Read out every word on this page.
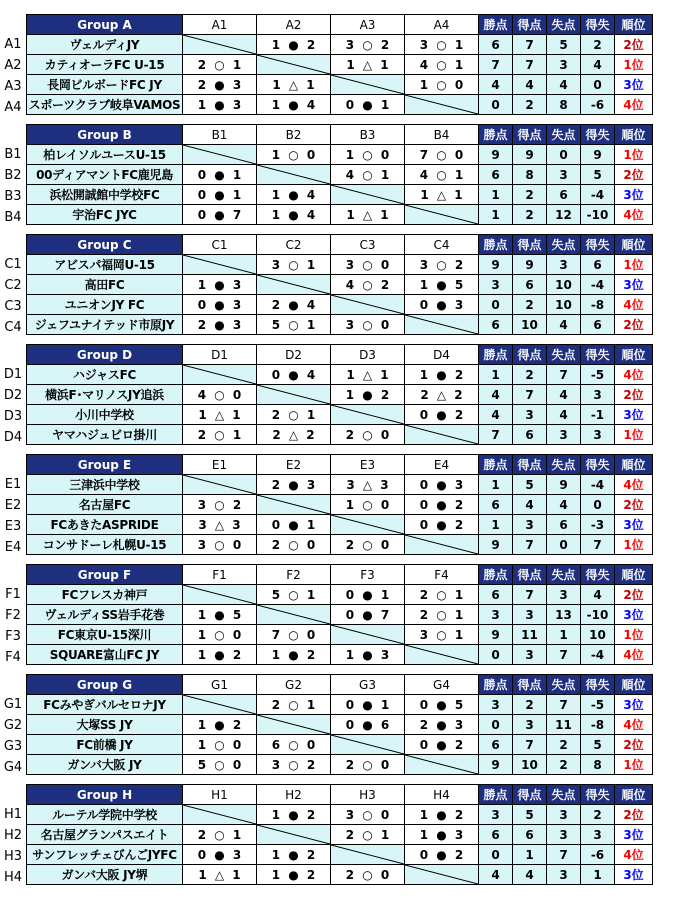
A1
A2
A3
A4
Group A	A1	A2	A3	A4	勝点	得点	失点	得失	順位
ヴェルディJY		1 ● 2	3 ○ 2	3 ○ 1	6	7	5	2	2位
カティオーラFC U-15	2 ○ 1		1 △ 1	4 ○ 1	7	7	3	4	1位
長岡ビルボードFC JY	2 ● 3	1 △ 1		1 ○ 0	4	4	4	0	3位
スポーツクラブ岐阜VAMOS	1 ● 3	1 ● 4	0 ● 1		0	2	8	-6	4位
B1
B2
B3
B4
Group B	B1	B2	B3	B4	勝点	得点	失点	得失	順位
柏レイソルユースU-15		1 ○ 0	1 ○ 0	7 ○ 0	9	9	0	9	1位
00ディアマントFC鹿児島	0 ● 1		4 ○ 1	4 ○ 1	6	8	3	5	2位
浜松開誠館中学校FC	0 ● 1	1 ● 4		1 △ 1	1	2	6	-4	3位
宇治FC JYC	0 ● 7	1 ● 4	1 △ 1		1	2	12	-10	4位
C1
C2
C3
C4
Group C	C1	C2	C3	C4	勝点	得点	失点	得失	順位
アビスパ福岡U-15		3 ○ 1	3 ○ 0	3 ○ 2	9	9	3	6	1位
高田FC	1 ● 3		4 ○ 2	1 ● 5	3	6	10	-4	3位
ユニオンJY FC	0 ● 3	2 ● 4		0 ● 3	0	2	10	-8	4位
ジェフユナイテッド市原JY	2 ● 3	5 ○ 1	3 ○ 0		6	10	4	6	2位
D1
D2
D3
D4
Group D	D1	D2	D3	D4	勝点	得点	失点	得失	順位
ハジャスFC		0 ● 4	1 △ 1	1 ● 2	1	2	7	-5	4位
横浜F･マリノスJY追浜	4 ○ 0		1 ● 2	2 △ 2	4	7	4	3	2位
小川中学校	1 △ 1	2 ○ 1		0 ● 2	4	3	4	-1	3位
ヤマハジュビロ掛川	2 ○ 1	2 △ 2	2 ○ 0		7	6	3	3	1位
E1
E2
E3
E4
Group E	E1	E2	E3	E4	勝点	得点	失点	得失	順位
三津浜中学校		2 ● 3	3 △ 3	0 ● 3	1	5	9	-4	4位
名古屋FC	3 ○ 2		1 ○ 0	0 ● 2	6	4	4	0	2位
FCあきたASPRIDE	3 △ 3	0 ● 1		0 ● 2	1	3	6	-3	3位
コンサドーレ札幌U-15	3 ○ 0	2 ○ 0	2 ○ 0		9	7	0	7	1位
F1
F2
F3
F4
Group F	F1	F2	F3	F4	勝点	得点	失点	得失	順位
FCフレスカ神戸		5 ○ 1	0 ● 1	2 ○ 1	6	7	3	4	2位
ヴェルディSS岩手花巻	1 ● 5		0 ● 7	2 ○ 1	3	3	13	-10	3位
FC東京U-15深川	1 ○ 0	7 ○ 0		3 ○ 1	9	11	1	10	1位
SQUARE富山FC JY	1 ● 2	1 ● 2	1 ● 3		0	3	7	-4	4位
G1
G2
G3
G4
Group G	G1	G2	G3	G4	勝点	得点	失点	得失	順位
FCみやぎバルセロナJY		2 ○ 1	0 ● 1	0 ● 5	3	2	7	-5	3位
大塚SS JY	1 ● 2		0 ● 6	2 ● 3	0	3	11	-8	4位
FC前橋 JY	1 ○ 0	6 ○ 0		0 ● 2	6	7	2	5	2位
ガンバ大阪 JY	5 ○ 0	3 ○ 2	2 ○ 0		9	10	2	8	1位
H1
H2
H3
H4
Group H	H1	H2	H3	H4	勝点	得点	失点	得失	順位
ルーテル学院中学校		1 ● 2	3 ○ 0	1 ● 2	3	5	3	2	2位
名古屋グランパスエイト	2 ○ 1		2 ○ 1	1 ● 3	6	6	3	3	3位
サンフレッチェびんごJYFC	0 ● 3	1 ● 2		0 ● 2	0	1	7	-6	4位
ガンバ大阪 JY堺	1 △ 1	1 ● 2	2 ○ 0		4	4	3	1	3位
